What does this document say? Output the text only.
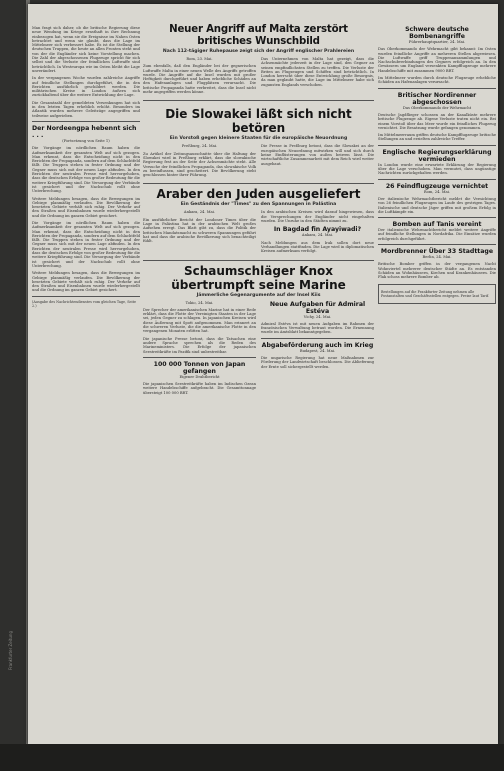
Frankfurter Zeitung

Man fragt sich daher, ob die britische Regierung diese neue Wendung im Kriege ernsthaft in ihre Rechnung einbezogen hat, wenn sie die Ereignisse im Nahen Osten betrachtet und wenn sie glaubt, dass die Lage im Mittelmeer sich verbessert habe. Es ist die Stellung der deutschen Truppen, die heute an allen Fronten steht und von der die Engländer sich keine Vorstellung machen. Die Zahl der abgeschossenen Flugzeuge spricht für sich selbst und die Verluste der feindlichen Luftwaffe sind beträchtlich. In Westeuropa wie im Osten bleibt die Lage unverändert.

In der vergangenen Woche wurden zahlreiche Angriffe auf feindliche Stellungen durchgeführt, die in den Berichten ausführlich geschildert werden. Die militärischen Kreise in London äußern sich zurückhaltend über die weitere Entwicklung der Lage.

Die Gesamtzahl der gemeldeten Versenkungen hat sich in den letzten Tagen erheblich erhöht. Besonders im Atlantik wurden mehrere Geleitzüge angegriffen und teilweise aufgerieben.

Der Nordeengpa hebennt sich . . .

(Fortsetzung von Seite 1)

Die Vorgänge im nördlichen Raum haben die Aufmerksamkeit der gesamten Welt auf sich gezogen. Man erkennt, dass die Entscheidung nicht in den Berichten der Propaganda, sondern auf dem Schlachtfeld fällt. Die Truppen stehen in fester Ordnung und der Gegner muss sich mit der neuen Lage abfinden. In den Berichten der neutralen Presse wird hervorgehoben, dass die deutschen Erfolge von großer Bedeutung für die weitere Kriegführung sind. Die Versorgung der Verbände ist gesichert und der Nachschub rollt ohne Unterbrechung.

Weitere Meldungen besagen, dass die Bewegungen im Gebirge planmäßig verlaufen. Die Bevölkerung der besetzten Gebiete verhält sich ruhig. Der Verkehr auf den Straßen und Eisenbahnen wurde wiederhergestellt und die Ordnung im ganzen Gebiet gesichert.

Die Vorgänge im nördlichen Raum haben die Aufmerksamkeit der gesamten Welt auf sich gezogen. Man erkennt, dass die Entscheidung nicht in den Berichten der Propaganda, sondern auf dem Schlachtfeld fällt. Die Truppen stehen in fester Ordnung und der Gegner muss sich mit der neuen Lage abfinden. In den Berichten der neutralen Presse wird hervorgehoben, dass die deutschen Erfolge von großer Bedeutung für die weitere Kriegführung sind. Die Versorgung der Verbände ist gesichert und der Nachschub rollt ohne Unterbrechung.

Weitere Meldungen besagen, dass die Bewegungen im Gebirge planmäßig verlaufen. Die Bevölkerung der besetzten Gebiete verhält sich ruhig. Der Verkehr auf den Straßen und Eisenbahnen wurde wiederhergestellt und die Ordnung im ganzen Gebiet gesichert.

(Ausgabe des Nachrichtendienstes vom gleichen Tage, Seite 2.)

Neuer Angriff auf Malta zerstört britisches Wunschbild

Nach 112-tägiger Ruhepause zeigt sich der Angriff englischer Prahlereien

Rom, 23. Mai.

Zum ebenfalls, daß den Engländer bei der gegnerischen Luftwaffe Malta in einer neuen Welle des Angriffs getroffen wurde. Die Angriffe auf die Insel wurden mit großer Heftigkeit durchgeführt und haben erhebliche Schäden an den Hafenanlagen und Flugplätzen verursacht. Die britische Propaganda hatte verbreitet, dass die Insel nicht mehr angegriffen werden könne.

Das Unternehmen von Malta hat gezeigt, dass die Achsenmächte jederzeit in der Lage sind, den Gegner an seinen empfindlichsten Stellen zu treffen. Die Verluste der Briten an Flugzeugen und Schiffen sind beträchtlich. In London herrscht über diese Entwicklung große Besorgnis, da man geglaubt hatte, die Lage im Mittelmeer habe sich zugunsten Englands verschoben.

Die Slowakei läßt sich nicht betören

Ein Vorstoß gegen kleinere Staaten für die europäische Neuordnung

Preßburg, 24. Mai.

Zu Artikel der Zeitungsausschnitte über die Haltung der Slowakei wird in Preßburg erklärt, dass die slowakische Regierung fest an der Seite der Achsenmächte steht. Alle Versuche der feindlichen Propaganda, das slowakische Volk zu beeinflussen, sind gescheitert. Die Bevölkerung steht geschlossen hinter ihrer Führung.

Die Presse in Preßburg betont, dass die Slowakei an der europäischen Neuordnung mitwirken will und sich durch keine Einflüsterungen von außen beirren lässt. Die wirtschaftliche Zusammenarbeit mit dem Reich wird weiter ausgebaut.

Araber den Juden ausgeliefert

Ein Geständnis der "Times" zu den Spannungen in Palästina

Ankara, 24. Mai.

Ein ausführlicher Bericht der Londoner Times über die Lage in Palästina hat in der arabischen Welt großes Aufsehen erregt. Das Blatt gibt zu, dass die Politik der britischen Mandatsmacht zu schweren Spannungen geführt hat und dass die arabische Bevölkerung sich benachteiligt fühlt.

In den arabischen Kreisen wird darauf hingewiesen, dass die Versprechungen der Engländer nicht eingehalten wurden. Die Unruhe in den Städten nimmt zu.

In Bagdad fin Ayayiwadi?

Ankara, 24. Mai.

Nach Meldungen aus dem Irak sollen dort neue Verhandlungen stattfinden. Die Lage wird in diplomatischen Kreisen aufmerksam verfolgt.

Schaumschläger Knox übertrumpft seine Marine

Jämmerliche Gegenargumente auf der Insel Kiis

Tokio, 24. Mai.

Der Sprecher der amerikanischen Marine hat in einer Rede erklärt, dass die Flotte der Vereinigten Staaten in der Lage sei, jeden Gegner zu schlagen. In japanischen Kreisen wird diese Äußerung mit Spott aufgenommen. Man erinnert an die schweren Verluste, die die amerikanische Flotte in den vergangenen Monaten erlitten hat.

Die japanische Presse betont, dass die Tatsachen eine andere Sprache sprechen als die Reden des Marineministers. Die Erfolge der japanischen Seestreitkräfte im Pazifik sind unbestreitbar.

100 000 Tonnen von Japan gefangen

Eigener Drahtbericht

Die japanischen Seestreitkräfte haben im Indischen Ozean weitere Handelsschiffe aufgebracht. Die Gesamttonnage übersteigt 100 000 BRT.

Neue Aufgaben für Admiral Estéva

Vichy, 24. Mai.

Admiral Estéva ist mit neuen Aufgaben im Rahmen der französischen Verwaltung betraut worden. Die Ernennung wurde im Amtsblatt bekanntgegeben.

Abgabeförderung auch im Krieg

Budapest, 24. Mai.

Die ungarische Regierung hat neue Maßnahmen zur Förderung der Landwirtschaft beschlossen. Die Ablieferung der Ernte soll sichergestellt werden.

Schwere deutsche Bombenangriffe

Führerhauptquartier, 24. Mai.

Das Oberkommando der Wehrmacht gibt bekannt: Im Osten wurden feindliche Angriffe an mehreren Stellen abgewiesen. Die Luftwaffe griff Truppenansammlungen und Nachschubverbindungen des Gegners erfolgreich an. In den Gewässern um England versenkten Kampfflugzeuge mehrere Handelsschiffe mit zusammen 9000 BRT.

Im Mittelmeer wurden durch deutsche Flugzeuge erhebliche Schäden an Hafenanlagen verursacht.

Britischer Nordirenner abgeschossen

Das Oberkommando der Wehrmacht

Deutsche Jagdflieger schossen an der Kanalküste mehrere britische Flugzeuge ab. Eigene Verluste traten nicht ein. Bei einem Vorstoß über das Meer wurde ein feindliches Flugzeug vernichtet. Die Besatzung wurde gefangen genommen.

Im Mittelmeerraum griffen deutsche Kampfflugzeuge britische Stellungen an und erzielten zahlreiche Treffer.

Englische Regierungserklärung vermieden

In London wurde eine erwartete Erklärung der Regierung über die Lage verschoben. Man vermutet, dass ungünstige Nachrichten zurückgehalten werden.

26 Feindflugzeuge vernichtet

Rom, 24. Mai.

Der italienische Wehrmachtbericht meldet die Vernichtung von 26 feindlichen Flugzeugen im Laufe des gestrigen Tages. Italienische und deutsche Jäger griffen mit großem Erfolg in die Luftkämpfe ein.

Bomben auf Tanis vereint

Der italienische Wehrmachtbericht meldet weitere Angriffe auf feindliche Stellungen in Nordafrika. Die Einsätze wurden erfolgreich durchgeführt.

Mordbrenner Über 33 Stadttage

Berlin, 24. Mai.

Britische Bomber griffen in der vergangenen Nacht Wohnviertel mehrerer deutscher Städte an. Es entstanden Schäden an Wohnhäusern, Kirchen und Krankenhäusern. Die Flak schoss mehrere Bomber ab.

Bestellungen auf die Frankfurter Zeitung nehmen alle Postanstalten und Geschäftsstellen entgegen. Preise laut Tarif.
